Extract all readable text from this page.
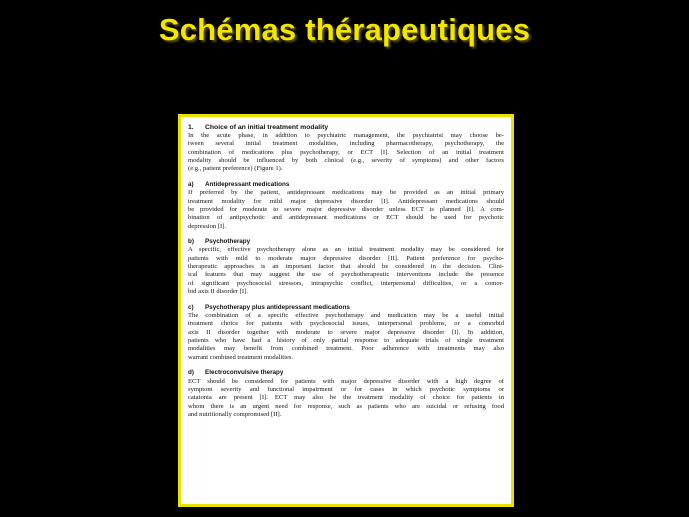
Schémas thérapeutiques
1. Choice of an initial treatment modality
In the acute phase, in addition to psychiatric management, the psychiatrist may choose be-
tween several initial treatment modalities, including pharmacotherapy, psychotherapy, the
combination of medications plus psychotherapy, or ECT [I]. Selection of an initial treatment
modality should be influenced by both clinical (e.g., severity of symptoms) and other factors
(e.g., patient preference) (Figure 1).
a) Antidepressant medications
If preferred by the patient, antidepressant medications may be provided as an initial primary
treatment modality for mild major depressive disorder [I]. Antidepressant medications should
be provided for moderate to severe major depressive disorder unless ECT is planned [I]. A com-
bination of antipsychotic and antidepressant medications or ECT should be used for psychotic
depression [I].
b) Psychotherapy
A specific, effective psychotherapy alone as an initial treatment modality may be considered for
patients with mild to moderate major depressive disorder [II]. Patient preference for psycho-
therapeutic approaches is an important factor that should be considered in the decision. Clini-
ical features that may suggest the use of psychotherapeutic interventions include the presence
of significant psychosocial stressors, intrapsychic conflict, interpersonal difficulties, or a comor-
bid axis II disorder [I].
c) Psychotherapy plus antidepressant medications
The combination of a specific effective psychotherapy and medication may be a useful initial
treatment choice for patients with psychosocial issues, interpersonal problems, or a comorbid
axis II disorder together with moderate to severe major depressive disorder [I]. In addition,
patients who have had a history of only partial response to adequate trials of single treatment
modalities may benefit from combined treatment. Poor adherence with treatments may also
warrant combined treatment modalities.
d) Electroconvulsive therapy
ECT should be considered for patients with major depressive disorder with a high degree of
symptom severity and functional impairment or for cases in which psychotic symptoms or
catatonia are present [I]. ECT may also be the treatment modality of choice for patients in
whom there is an urgent need for response, such as patients who are suicidal or refusing food
and nutritionally compromised [II].
